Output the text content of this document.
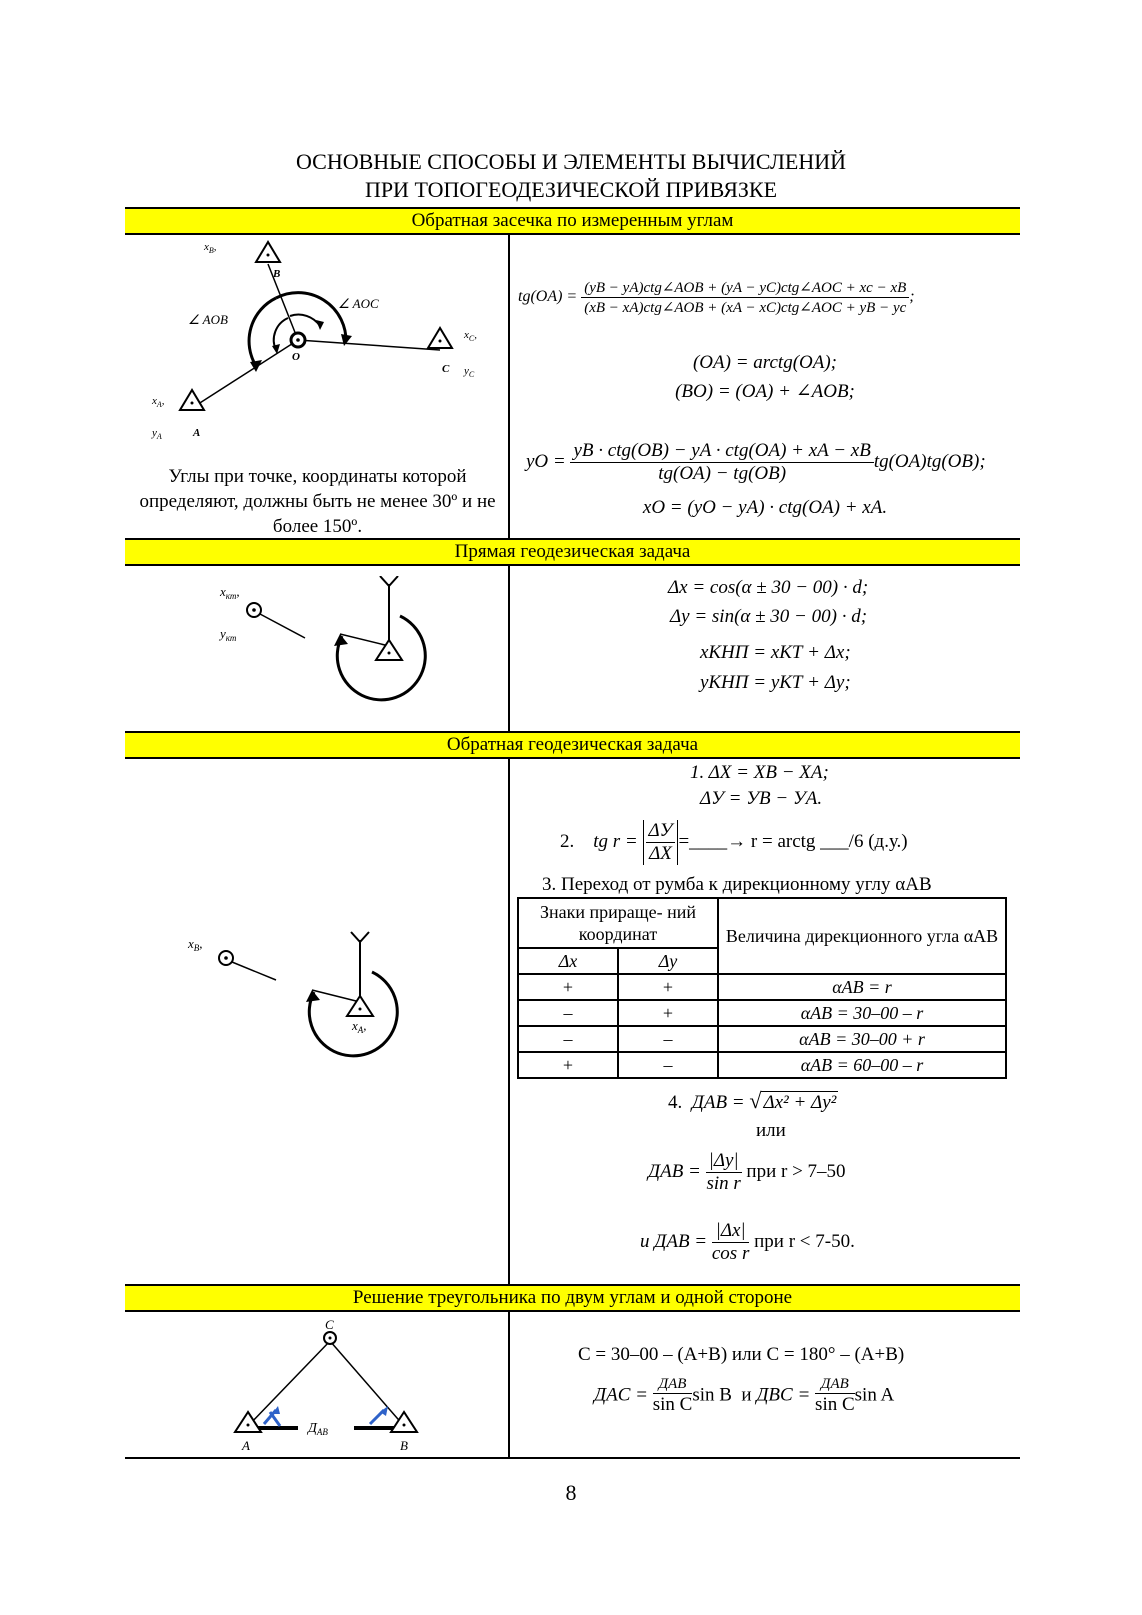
ОСНОВНЫЕ СПОСОБЫ И ЭЛЕМЕНТЫ ВЫЧИСЛЕНИЙ
ПРИ ТОПОГЕОДЕЗИЧЕСКОЙ ПРИВЯЗКЕ
Обратная засечка по измеренным углам
Прямая геодезическая задача
Обратная геодезическая задача
Решение треугольника по двум углам и одной стороне
$x_B$,
B
∠ AOC
∠ AOB
O
$x_C$,
C $y_C$
$x_A$,
$y_A$	A
Углы при точке, координаты которой определяют, должны быть не менее 30º и не более 150º.
$tg(OA) = \frac{\text{(yB − yA)ctg∠AOB + (yA − yC)ctg∠AOC + xc − xB}}{\text{(xB − xA)ctg∠AOB + (xA − xC)ctg∠AOC + yB − yc}}$ ;
(OA) = arctg(OA);
(BO) = (OA) + ∠AOB;
yO = $\frac{\text{yB · ctg(OB) − yA · ctg(OA) + xA − xB}}{tg(OA) - tg(OB)} tg(OA)tg(OB)$;
xO = (yO − yA) · ctg(OA) + xA.
$x_{кт}$,
$y_{кт}$
Δx = cos(α ± 30 − 00) · d;
Δy = sin(α ± 30 − 00) · d;
xКНП = xКТ + Δx;
yКНП = yКТ + Δy;
$x_B$,
$x_A$,
1. ΔX = XB − XA;
ΔУ = УB − УA.
2. tg $r = \frac{\Delta У}{\Delta X}$ =____→ r = arctg ___/6 (д.у.)
3. Переход от румба к дирекционному углу αAB
Знаки прираще- ний координат		Величина дирекционного угла αAB
Δx	Δy	
+	+	αAB = r
–	+	αAB = 30–00 – r
–	–	αAB = 30–00 + r
+	–	αAB = 60–00 – r
4. ДAB = √ Δx² + Δy²
или
ДAB = $\frac{|\Delta y|}{\text{sin r}}$ при r > 7–50
и ДAB = $\frac{|\Delta x|}{\text{cos r}}$ при r < 7-50.
C
A	B
$Д_{AB}$
C = 30–00 – (A+B) или C = 180° – (A+B)
ДAC = $\frac{\text{ДAB}}{\text{sin C}}$ sin B и ДBC = $\frac{\text{ДAB}}{\text{sin C}}$ sin A
8
